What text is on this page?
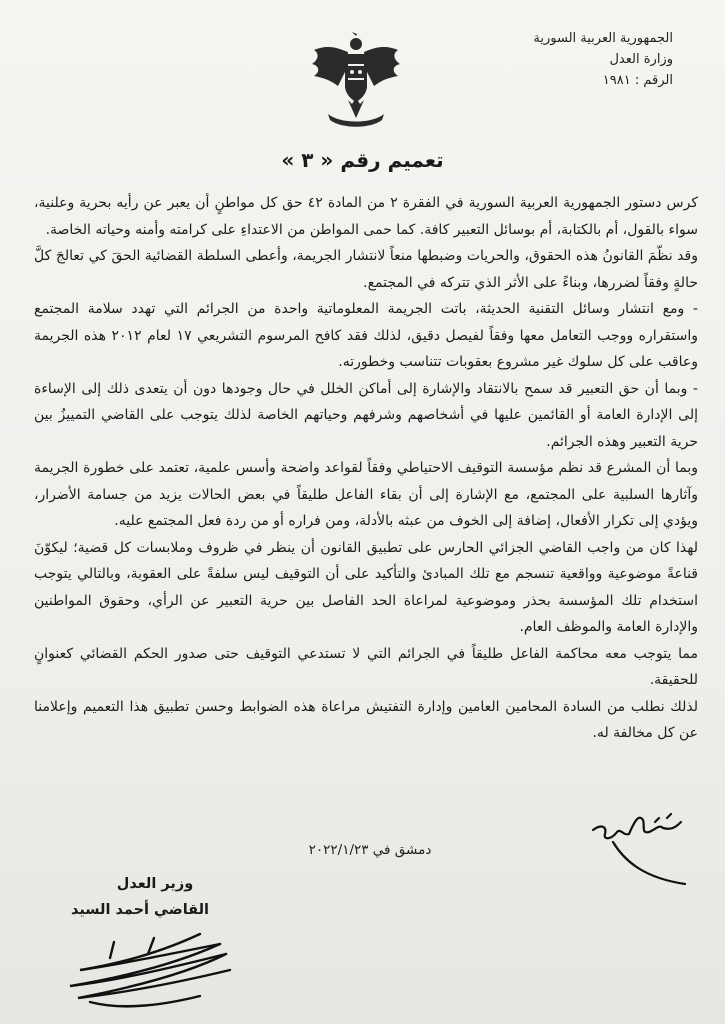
الجمهورية العربية السورية
وزارة العدل
الرقم : ١٩٨١
تعميم رقم « ٣ »

كرس دستور الجمهورية العربية السورية في الفقرة ٢ من المادة ٤٢ حق كل مواطنٍ أن يعبر عن رأيه بحرية وعلنية، سواء بالقول، أم بالكتابة، أم بوسائل التعبير كافة. كما حمى المواطن من الاعتداءِ على كرامته وأمنه وحياته الخاصة.

وقد نظّمَ القانونُ هذه الحقوق، والحريات وضبطها منعاً لانتشار الجريمة، وأعطى السلطة القضائية الحقَ كي تعالجَ كلَّ حالةٍ وفقاً لضررها، وبناءً على الأثر الذي تتركه في المجتمع.

- ومع انتشار وسائل التقنية الحديثة، باتت الجريمة المعلوماتية واحدة من الجرائم التي تهدد سلامة المجتمع واستقراره ووجب التعامل معها وفقاً لفيصل دقيق، لذلك فقد كافح المرسوم التشريعي ١٧ لعام ٢٠١٢ هذه الجريمة وعاقب على كل سلوك غير مشروع بعقوبات تتناسب وخطورته.

- وبما أن حق التعبير قد سمح بالانتقاد والإشارة إلى أماكن الخلل في حال وجودها دون أن يتعدى ذلك إلى الإساءة إلى الإدارة العامة أو القائمين عليها في أشخاصهم وشرفهم وحياتهم الخاصة لذلك يتوجب على القاضي التمييزُ بين حرية التعبير وهذه الجرائم.

وبما أن المشرع قد نظم مؤسسة التوقيف الاحتياطي وفقاً لقواعد واضحة وأسس علمية، تعتمد على خطورة الجريمة وآثارها السلبية على المجتمع، مع الإشارة إلى أن بقاء الفاعل طليقاً في بعض الحالات يزيد من جسامة الأضرار، ويؤدي إلى تكرار الأفعال، إضافة إلى الخوف من عبثه بالأدلة، ومن فراره أو من ردة فعل المجتمع عليه.

لهذا كان من واجب القاضي الجزائي الحارس على تطبيق القانون أن ينظر في ظروف وملابسات كل قضية؛ ليكوّنَ قناعةً موضوعية وواقعية تنسجم مع تلك المبادئ والتأكيد على أن التوقيف ليس سلفةً على العقوبة، وبالتالي يتوجب استخدام تلك المؤسسة بحذر وموضوعية لمراعاة الحد الفاصل بين حرية التعبير عن الرأي، وحقوق المواطنين والإدارة العامة والموظف العام.

مما يتوجب معه محاكمة الفاعل طليقاً في الجرائم التي لا تستدعي التوقيف حتى صدور الحكم القضائي كعنوانٍ للحقيقة.

لذلك نطلب من السادة المحامين العامين وإدارة التفتيش مراعاة هذه الضوابط وحسن تطبيق هذا التعميم وإعلامنا عن كل مخالفة له.

دمشق في ٢٠٢٢/١/٢٣
وزير العدل
القاضي أحمد السيد
